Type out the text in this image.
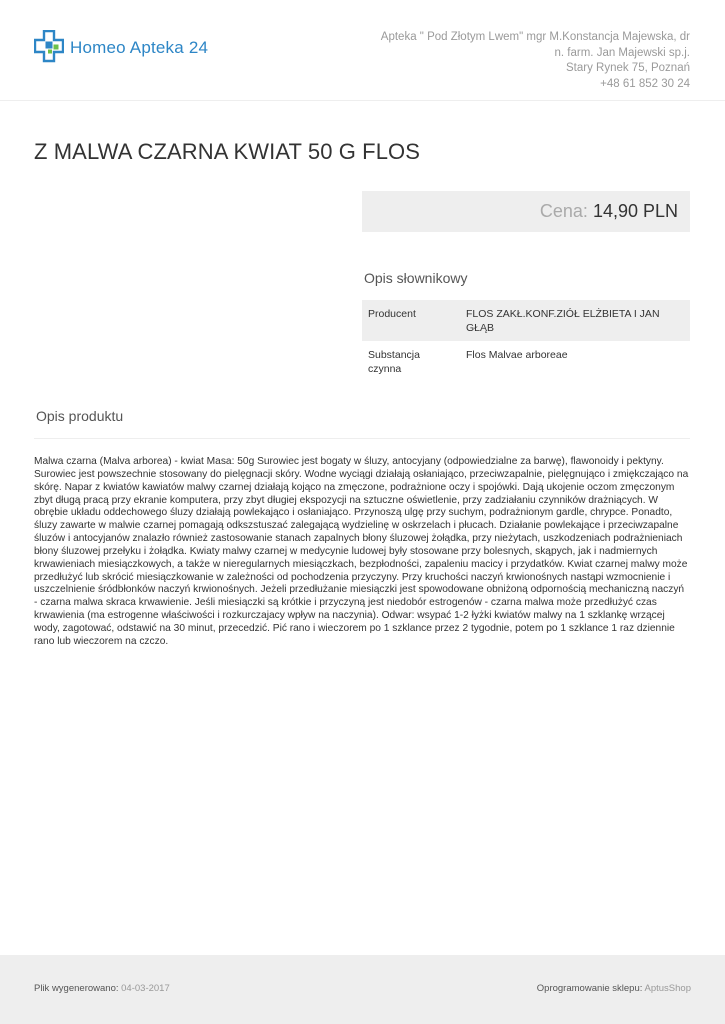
Homeo Apteka 24
Apteka " Pod Złotym Lwem" mgr M.Konstancja Majewska, dr
n. farm. Jan Majewski sp.j.
Stary Rynek 75, Poznań
+48 61 852 30 24
Z MALWA CZARNA KWIAT 50 G FLOS
Cena: 14,90 PLN
Opis słownikowy
Producent	FLOS ZAKŁ.KONF.ZIÓŁ ELŻBIETA I JAN GŁĄB
Substancja czynna	Flos Malvae arboreae
Opis produktu

Malwa czarna (Malva arborea) - kwiat Masa: 50g Surowiec jest bogaty w śluzy, antocyjany (odpowiedzialne za barwę), flawonoidy i pektyny. Surowiec jest powszechnie stosowany do pielęgnacji skóry. Wodne wyciągi działają osłaniająco, przeciwzapalnie, pielęgnująco i zmiękczająco na skórę. Napar z kwiatów kawiatów malwy czarnej działają kojąco na zmęczone, podrażnione oczy i spojówki. Dają ukojenie oczom zmęczonym zbyt długą pracą przy ekranie komputera, przy zbyt długiej ekspozycji na sztuczne oświetlenie, przy zadziałaniu czynników drażniących. W obrębie układu oddechowego śluzy działają powlekająco i osłaniająco. Przynoszą ulgę przy suchym, podrażnionym gardle, chrypce. Ponadto, śluzy zawarte w malwie czarnej pomagają odkszstuszać zalegającą wydzielinę w oskrzelach i płucach. Działanie powlekające i przeciwzapalne śluzów i antocyjanów znalazło również zastosowanie stanach zapalnych błony śluzowej żołądka, przy nieżytach, uszkodzeniach podrażnieniach błony śluzowej przełyku i żołądka. Kwiaty malwy czarnej w medycynie ludowej były stosowane przy bolesnych, skąpych, jak i nadmiernych krwawieniach miesiączkowych, a także w nieregularnych miesiączkach, bezpłodności, zapaleniu macicy i przydatków. Kwiat czarnej malwy może przedłużyć lub skrócić miesiączkowanie w zależności od pochodzenia przyczyny. Przy kruchości naczyń krwionośnych nastąpi wzmocnienie i uszczelnienie śródbłonków naczyń krwionośnych. Jeżeli przedłużanie miesiączki jest spowodowane obniżoną odpornością mechaniczną naczyń - czarna malwa skraca krwawienie. Jeśli miesiączki są krótkie i przyczyną jest niedobór estrogenów - czarna malwa może przedłużyć czas krwawienia (ma estrogenne właściwości i rozkurczajacy wpływ na naczynia). Odwar: wsypać 1-2 łyżki kwiatów malwy na 1 szklankę wrzącej wody, zagotować, odstawić na 30 minut, przecedzić. Pić rano i wieczorem po 1 szklance przez 2 tygodnie, potem po 1 szklance 1 raz dziennie rano lub wieczorem na czczo.

Plik wygenerowano: 04-03-2017	Oprogramowanie sklepu: AptusShop
